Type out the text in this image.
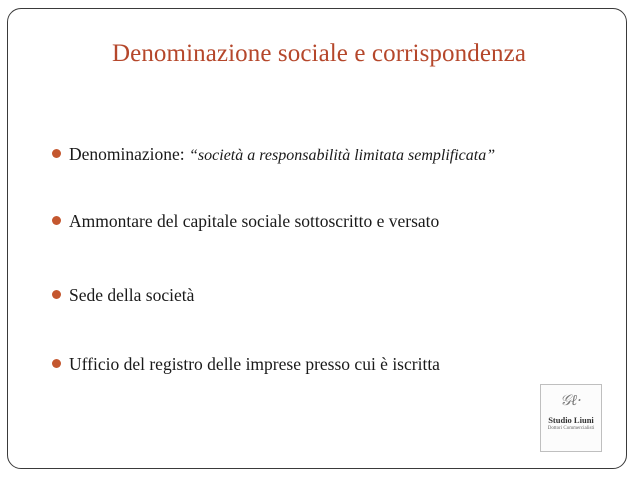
Denominazione sociale e corrispondenza
Denominazione: “società a responsabilità limitata semplificata”
Ammontare del capitale sociale sottoscritto e versato
Sede della società
Ufficio del registro delle imprese presso cui è iscritta
𝒢ℓ·
Studio Liuni
Dottori Commercialisti
